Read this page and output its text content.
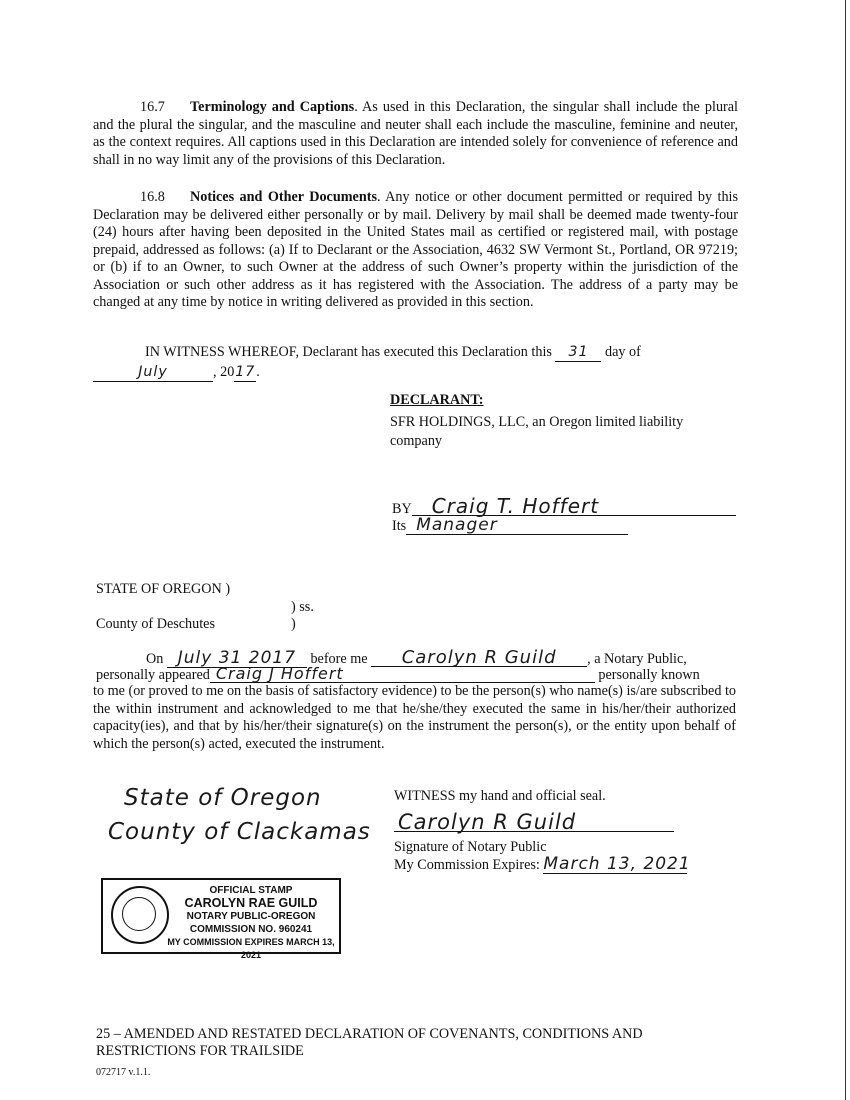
16.7 Terminology and Captions. As used in this Declaration, the singular shall include the plural and the plural the singular, and the masculine and neuter shall each include the masculine, feminine and neuter, as the context requires. All captions used in this Declaration are intended solely for convenience of reference and shall in no way limit any of the provisions of this Declaration.
16.8 Notices and Other Documents. Any notice or other document permitted or required by this Declaration may be delivered either personally or by mail. Delivery by mail shall be deemed made twenty-four (24) hours after having been deposited in the United States mail as certified or registered mail, with postage prepaid, addressed as follows: (a) If to Declarant or the Association, 4632 SW Vermont St., Portland, OR 97219; or (b) if to an Owner, to such Owner at the address of such Owner’s property within the jurisdiction of the Association or such other address as it has registered with the Association. The address of a party may be changed at any time by notice in writing delivered as provided in this section.
IN WITNESS WHEREOF, Declarant has executed this Declaration this 31 day of
July	, 2017.
DECLARANT:
SFR HOLDINGS, LLC, an Oregon limited liability
company
BY Craig T. Hoffert
Its Manager
STATE OF OREGON )
) ss.
County of Deschutes	)
On July 31 2017 before me Carolyn R Guild , a Notary Public,
personally appeared Craig J Hoffert	personally known
to me (or proved to me on the basis of satisfactory evidence) to be the person(s) who name(s) is/are subscribed to the within instrument and acknowledged to me that he/she/they executed the same in his/her/their authorized capacity(ies), and that by his/her/their signature(s) on the instrument the person(s), or the entity upon behalf of which the person(s) acted, executed the instrument.
State of Oregon
County of Clackamas
WITNESS my hand and official seal.
Carolyn R Guild
Signature of Notary Public
My Commission Expires: March 13, 2021
OFFICIAL STAMP
CAROLYN RAE GUILD
NOTARY PUBLIC-OREGON
COMMISSION NO. 960241
MY COMMISSION EXPIRES MARCH 13, 2021
25 – AMENDED AND RESTATED DECLARATION OF COVENANTS, CONDITIONS AND RESTRICTIONS FOR TRAILSIDE
072717 v.1.1.
